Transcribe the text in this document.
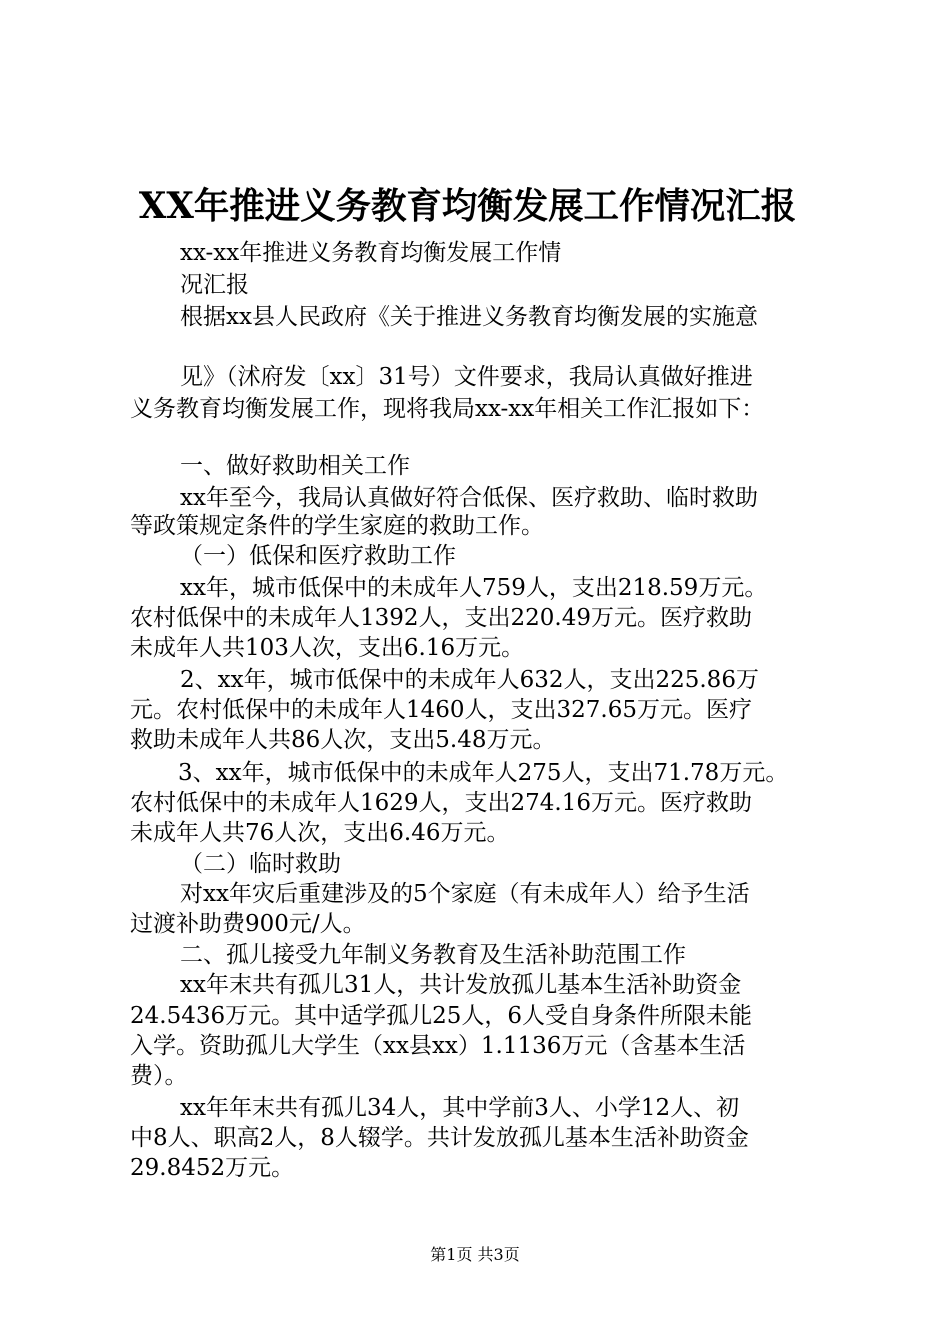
XX年推进义务教育均衡发展工作情况汇报
xx-xx年推进义务教育均衡发展工作情
况汇报
根据xx县人民政府《关于推进义务教育均衡发展的实施意
见》（沭府发〔xx〕31号）文件要求，我局认真做好推进
义务教育均衡发展工作，现将我局xx-xx年相关工作汇报如下：
一、做好救助相关工作
xx年至今，我局认真做好符合低保、医疗救助、临时救助
等政策规定条件的学生家庭的救助工作。
（一）低保和医疗救助工作
xx年，城市低保中的未成年人759人，支出218.59万元。
农村低保中的未成年人1392人，支出220.49万元。医疗救助
未成年人共103人次，支出6.16万元。
2、xx年，城市低保中的未成年人632人，支出225.86万
元。农村低保中的未成年人1460人，支出327.65万元。医疗
救助未成年人共86人次，支出5.48万元。
3、xx年，城市低保中的未成年人275人，支出71.78万元。
农村低保中的未成年人1629人，支出274.16万元。医疗救助
未成年人共76人次，支出6.46万元。
（二）临时救助
对xx年灾后重建涉及的5个家庭（有未成年人）给予生活
过渡补助费900元/人。
二、孤儿接受九年制义务教育及生活补助范围工作
xx年末共有孤儿31人，共计发放孤儿基本生活补助资金
24.5436万元。其中适学孤儿25人，6人受自身条件所限未能
入学。资助孤儿大学生（xx县xx）1.1136万元（含基本生活
费）。
xx年年末共有孤儿34人，其中学前3人、小学12人、初
中8人、职高2人，8人辍学。共计发放孤儿基本生活补助资金
29.8452万元。
第1页 共3页
